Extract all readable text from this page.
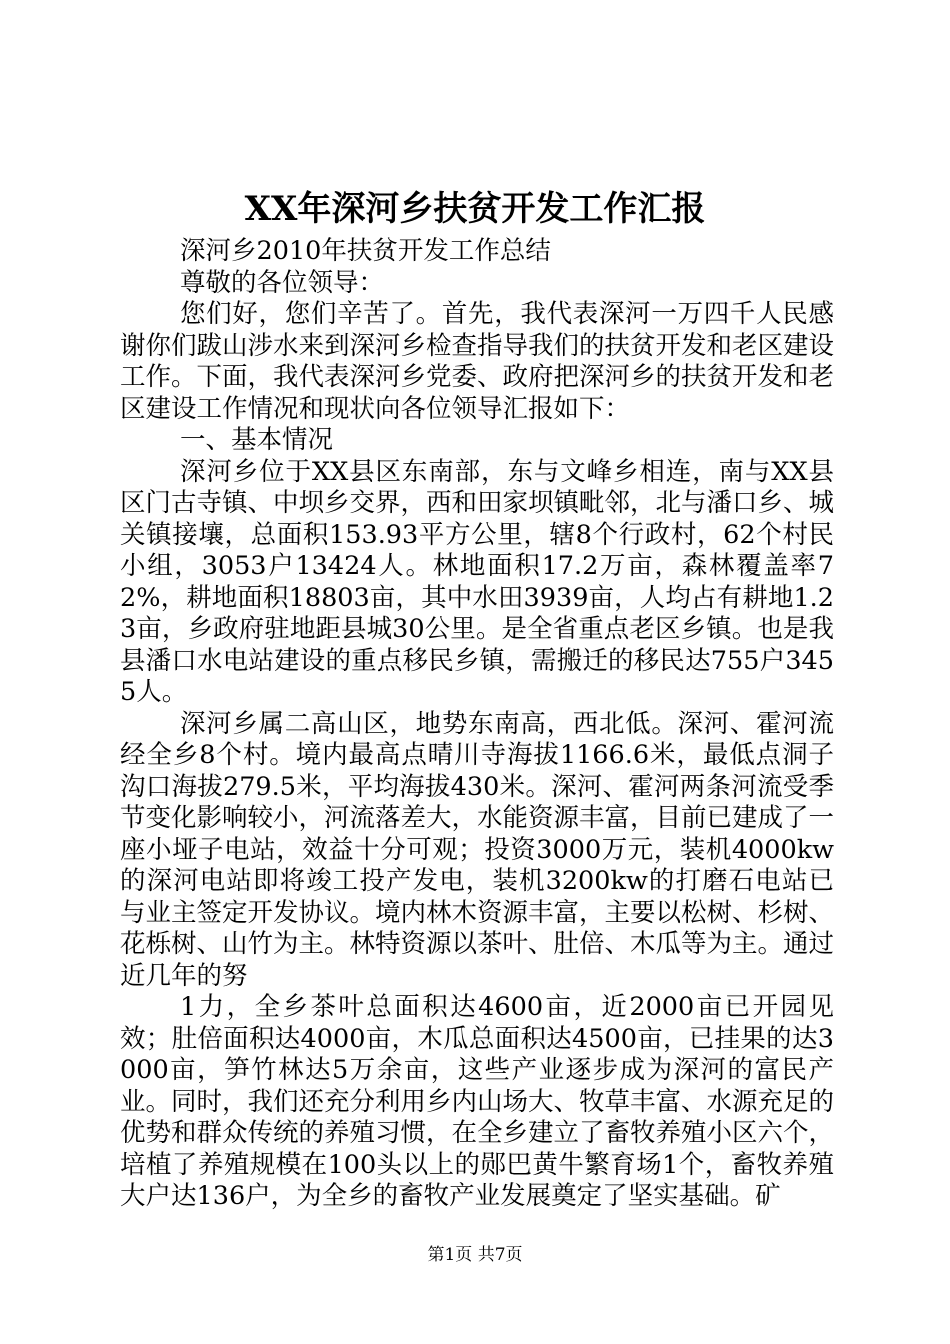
XX年深河乡扶贫开发工作汇报

深河乡2010年扶贫开发工作总结

尊敬的各位领导：

您们好，您们辛苦了。首先，我代表深河一万四千人民感谢你们跋山涉水来到深河乡检查指导我们的扶贫开发和老区建设工作。下面，我代表深河乡党委、政府把深河乡的扶贫开发和老区建设工作情况和现状向各位领导汇报如下：

一、基本情况

深河乡位于XX县区东南部，东与文峰乡相连，南与XX县区门古寺镇、中坝乡交界，西和田家坝镇毗邻，北与潘口乡、城关镇接壤，总面积153.93平方公里，辖8个行政村，62个村民小组，3053户13424人。林地面积17.2万亩，森林覆盖率72%，耕地面积18803亩，其中水田3939亩，人均占有耕地1.23亩，乡政府驻地距县城30公里。是全省重点老区乡镇。也是我县潘口水电站建设的重点移民乡镇，需搬迁的移民达755户3455人。

深河乡属二高山区，地势东南高，西北低。深河、霍河流经全乡8个村。境内最高点晴川寺海拔1166.6米，最低点洞子沟口海拔279.5米，平均海拔430米。深河、霍河两条河流受季节变化影响较小，河流落差大，水能资源丰富，目前已建成了一座小垭子电站，效益十分可观；投资3000万元，装机4000kw的深河电站即将竣工投产发电，装机3200kw的打磨石电站已与业主签定开发协议。境内林木资源丰富，主要以松树、杉树、花栎树、山竹为主。林特资源以茶叶、肚倍、木瓜等为主。通过近几年的努

1力，全乡茶叶总面积达4600亩，近2000亩已开园见效；肚倍面积达4000亩，木瓜总面积达4500亩，已挂果的达3000亩，笋竹林达5万余亩，这些产业逐步成为深河的富民产业。同时，我们还充分利用乡内山场大、牧草丰富、水源充足的优势和群众传统的养殖习惯，在全乡建立了畜牧养殖小区六个，培植了养殖规模在100头以上的郧巴黄牛繁育场1个，畜牧养殖大户达136户，为全乡的畜牧产业发展奠定了坚实基础。矿

第1页 共7页
